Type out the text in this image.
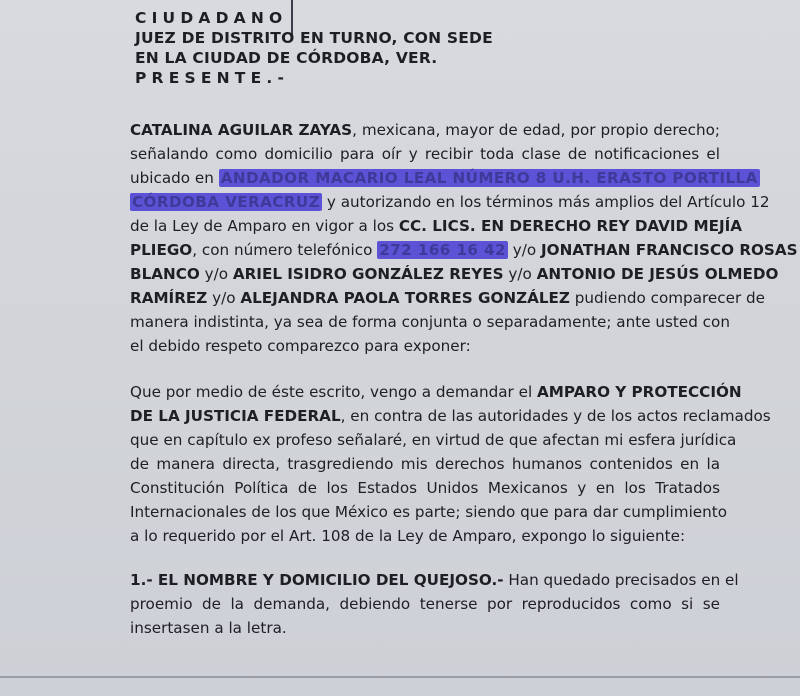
CIUDADANO
JUEZ DE DISTRITO EN TURNO, CON SEDE
EN LA CIUDAD DE CÓRDOBA, VER.
PRESENTE.-
CATALINA AGUILAR ZAYAS, mexicana, mayor de edad, por propio derecho;
señalando como domicilio para oír y recibir toda clase de notificaciones el
ubicado en ANDADOR MACARIO LEAL NÚMERO 8 U.H. ERASTO PORTILLA
CÓRDOBA VERACRUZ y autorizando en los términos más amplios del Artículo 12
de la Ley de Amparo en vigor a los CC. LICS. EN DERECHO REY DAVID MEJÍA
PLIEGO, con número telefónico 272 166 16 42 y/o JONATHAN FRANCISCO ROSAS
BLANCO y/o ARIEL ISIDRO GONZÁLEZ REYES y/o ANTONIO DE JESÚS OLMEDO
RAMÍREZ y/o ALEJANDRA PAOLA TORRES GONZÁLEZ pudiendo comparecer de
manera indistinta, ya sea de forma conjunta o separadamente; ante usted con
el debido respeto comparezco para exponer:
Que por medio de éste escrito, vengo a demandar el AMPARO Y PROTECCIÓN
DE LA JUSTICIA FEDERAL, en contra de las autoridades y de los actos reclamados
que en capítulo ex profeso señalaré, en virtud de que afectan mi esfera jurídica
de manera directa, trasgrediendo mis derechos humanos contenidos en la
Constitución Política de los Estados Unidos Mexicanos y en los Tratados
Internacionales de los que México es parte; siendo que para dar cumplimiento
a lo requerido por el Art. 108 de la Ley de Amparo, expongo lo siguiente:
1.- EL NOMBRE Y DOMICILIO DEL QUEJOSO.- Han quedado precisados en el
proemio de la demanda, debiendo tenerse por reproducidos como si se
insertasen a la letra.
